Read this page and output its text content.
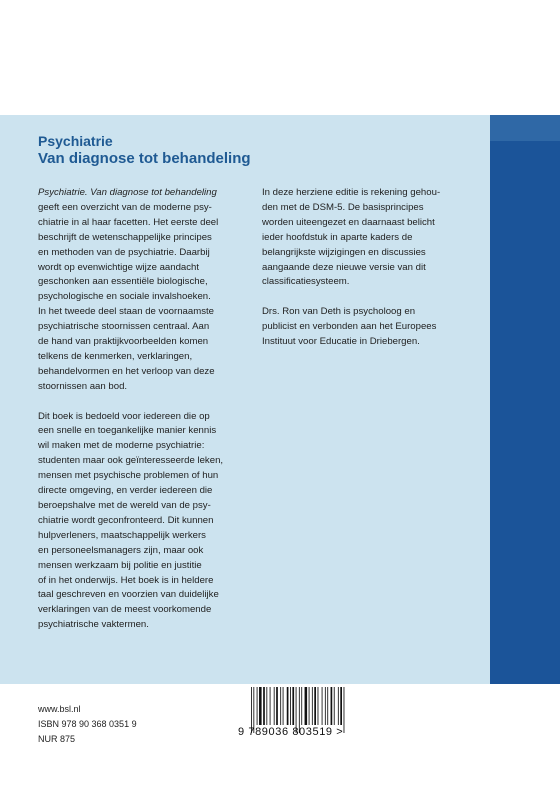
Psychiatrie
Van diagnose tot behandeling

Psychiatrie. Van diagnose tot behandeling
geeft een overzicht van de moderne psy-
chiatrie in al haar facetten. Het eerste deel
beschrijft de wetenschappelijke principes
en methoden van de psychiatrie. Daarbij
wordt op evenwichtige wijze aandacht
geschonken aan essentiële biologische,
psychologische en sociale invalshoeken.
In het tweede deel staan de voornaamste
psychiatrische stoornissen centraal. Aan
de hand van praktijkvoorbeelden komen
telkens de kenmerken, verklaringen,
behandelvormen en het verloop van deze
stoornissen aan bod.

Dit boek is bedoeld voor iedereen die op
een snelle en toegankelijke manier kennis
wil maken met de moderne psychiatrie:
studenten maar ook geïnteresseerde leken,
mensen met psychische problemen of hun
directe omgeving, en verder iedereen die
beroepshalve met de wereld van de psy-
chiatrie wordt geconfronteerd. Dit kunnen
hulpverleners, maatschappelijk werkers
en personeelsmanagers zijn, maar ook
mensen werkzaam bij politie en justitie
of in het onderwijs. Het boek is in heldere
taal geschreven en voorzien van duidelijke
verklaringen van de meest voorkomende
psychiatrische vaktermen.

In deze herziene editie is rekening gehou-
den met de DSM-5. De basisprincipes
worden uiteengezet en daarnaast belicht
ieder hoofdstuk in aparte kaders de
belangrijkste wijzigingen en discussies
aangaande deze nieuwe versie van dit
classificatiesysteem.

Drs. Ron van Deth is psycholoog en
publicist en verbonden aan het Europees
Instituut voor Educatie in Driebergen.

www.bsl.nl
ISBN 978 90 368 0351 9
NUR 875
9 789036 803519 >
